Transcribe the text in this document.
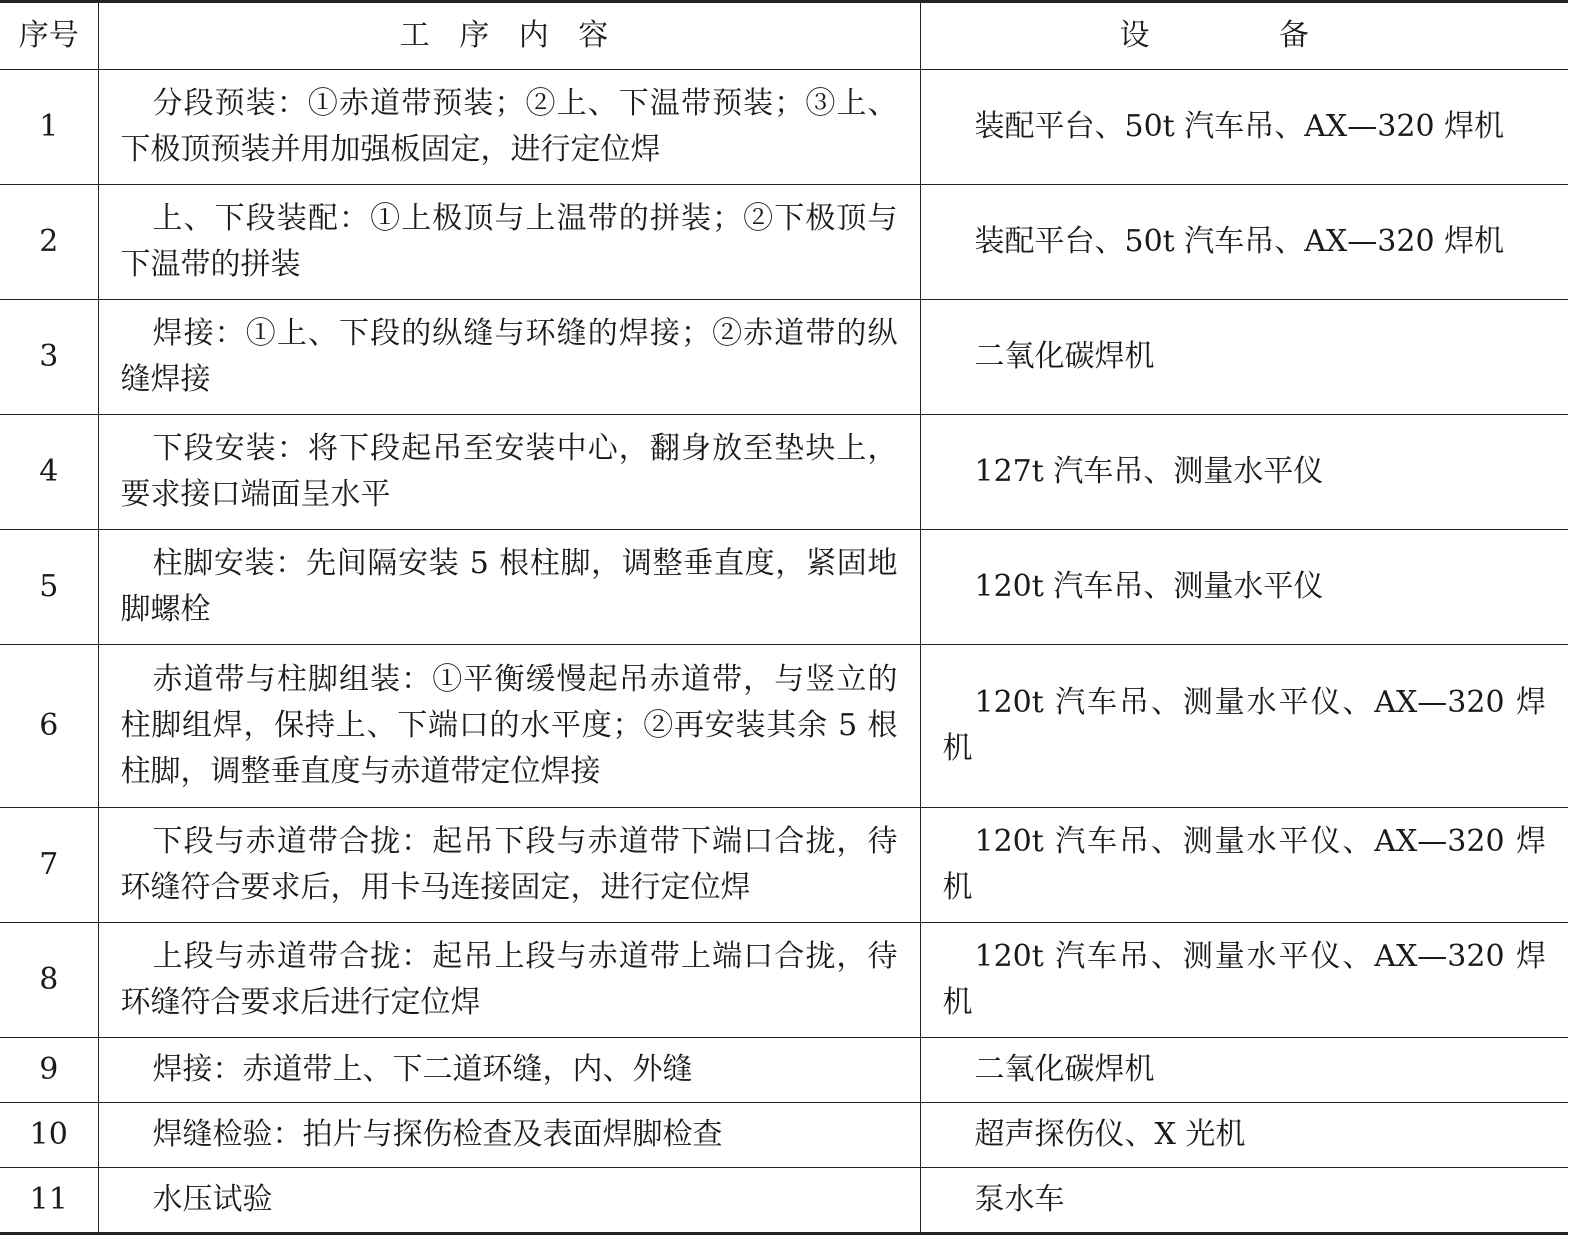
序号	工 序 内 容	设 备
1	分段预装：①赤道带预装；②上、下温带预装；③上、下极顶预装并用加强板固定，进行定位焊	装配平台、50t 汽车吊、AX—320 焊机
2	上、下段装配：①上极顶与上温带的拼装；②下极顶与下温带的拼装	装配平台、50t 汽车吊、AX—320 焊机
3	焊接：①上、下段的纵缝与环缝的焊接；②赤道带的纵缝焊接	二氧化碳焊机
4	下段安装：将下段起吊至安装中心，翻身放至垫块上，要求接口端面呈水平	127t 汽车吊、测量水平仪
5	柱脚安装：先间隔安装 5 根柱脚，调整垂直度，紧固地脚螺栓	120t 汽车吊、测量水平仪
6	赤道带与柱脚组装：①平衡缓慢起吊赤道带，与竖立的柱脚组焊，保持上、下端口的水平度；②再安装其余 5 根柱脚，调整垂直度与赤道带定位焊接	120t 汽车吊、测量水平仪、AX—320 焊机
7	下段与赤道带合拢：起吊下段与赤道带下端口合拢，待环缝符合要求后，用卡马连接固定，进行定位焊	120t 汽车吊、测量水平仪、AX—320 焊机
8	上段与赤道带合拢：起吊上段与赤道带上端口合拢，待环缝符合要求后进行定位焊	120t 汽车吊、测量水平仪、AX—320 焊机
9	焊接：赤道带上、下二道环缝，内、外缝	二氧化碳焊机
10	焊缝检验：拍片与探伤检查及表面焊脚检查	超声探伤仪、X 光机
11	水压试验	泵水车
